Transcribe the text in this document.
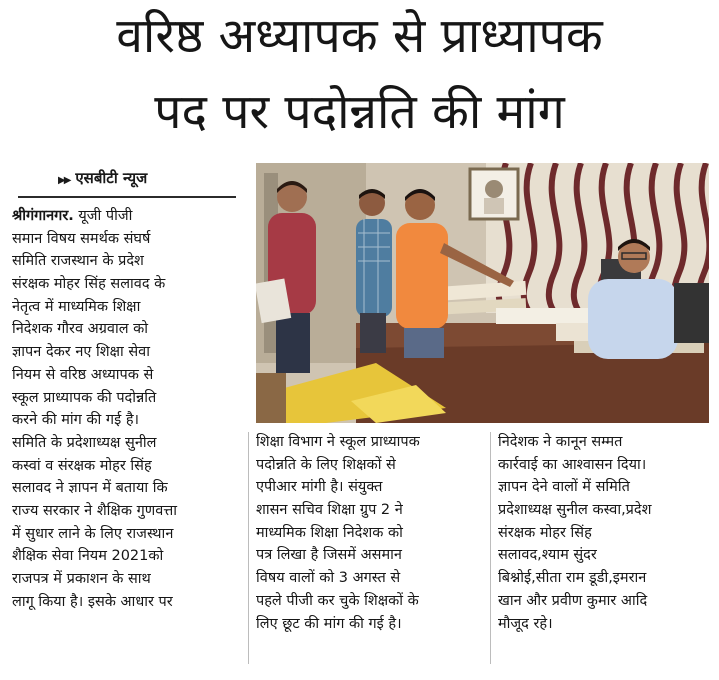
वरिष्ठ अध्यापक से प्राध्यापक
पद पर पदोन्नति की मांग
▶▶ एसबीटी न्यूज
श्रीगंगानगर. यूजी पीजी
समान विषय समर्थक संघर्ष
समिति राजस्थान के प्रदेश
संरक्षक मोहर सिंह सलावद के
नेतृत्व में माध्यमिक शिक्षा
निदेशक गौरव अग्रवाल को
ज्ञापन देकर नए शिक्षा सेवा
नियम से वरिष्ठ अध्यापक से
स्कूल प्राध्यापक की पदोन्नति
करने की मांग की गई है।
समिति के प्रदेशाध्यक्ष सुनील
कस्वां व संरक्षक मोहर सिंह
सलावद ने ज्ञापन में बताया कि
राज्य सरकार ने शैक्षिक गुणवत्ता
में सुधार लाने के लिए राजस्थान
शैक्षिक सेवा नियम 2021को
राजपत्र में प्रकाशन के साथ
लागू किया है। इसके आधार पर
शिक्षा विभाग ने स्कूल प्राध्यापक
पदोन्नति के लिए शिक्षकों से
एपीआर मांगी है। संयुक्त
शासन सचिव शिक्षा ग्रुप 2 ने
माध्यमिक शिक्षा निदेशक को
पत्र लिखा है जिसमें असमान
विषय वालों को 3 अगस्त से
पहले पीजी कर चुके शिक्षकों के
लिए छूट की मांग की गई है।
निदेशक ने कानून सम्मत
कार्रवाई का आश्वासन दिया।
ज्ञापन देने वालों में समिति
प्रदेशाध्यक्ष सुनील कस्वा,प्रदेश
संरक्षक मोहर सिंह
सलावद,श्याम सुंदर
बिश्नोई,सीता राम डूडी,इमरान
खान और प्रवीण कुमार आदि
मौजूद रहे।
